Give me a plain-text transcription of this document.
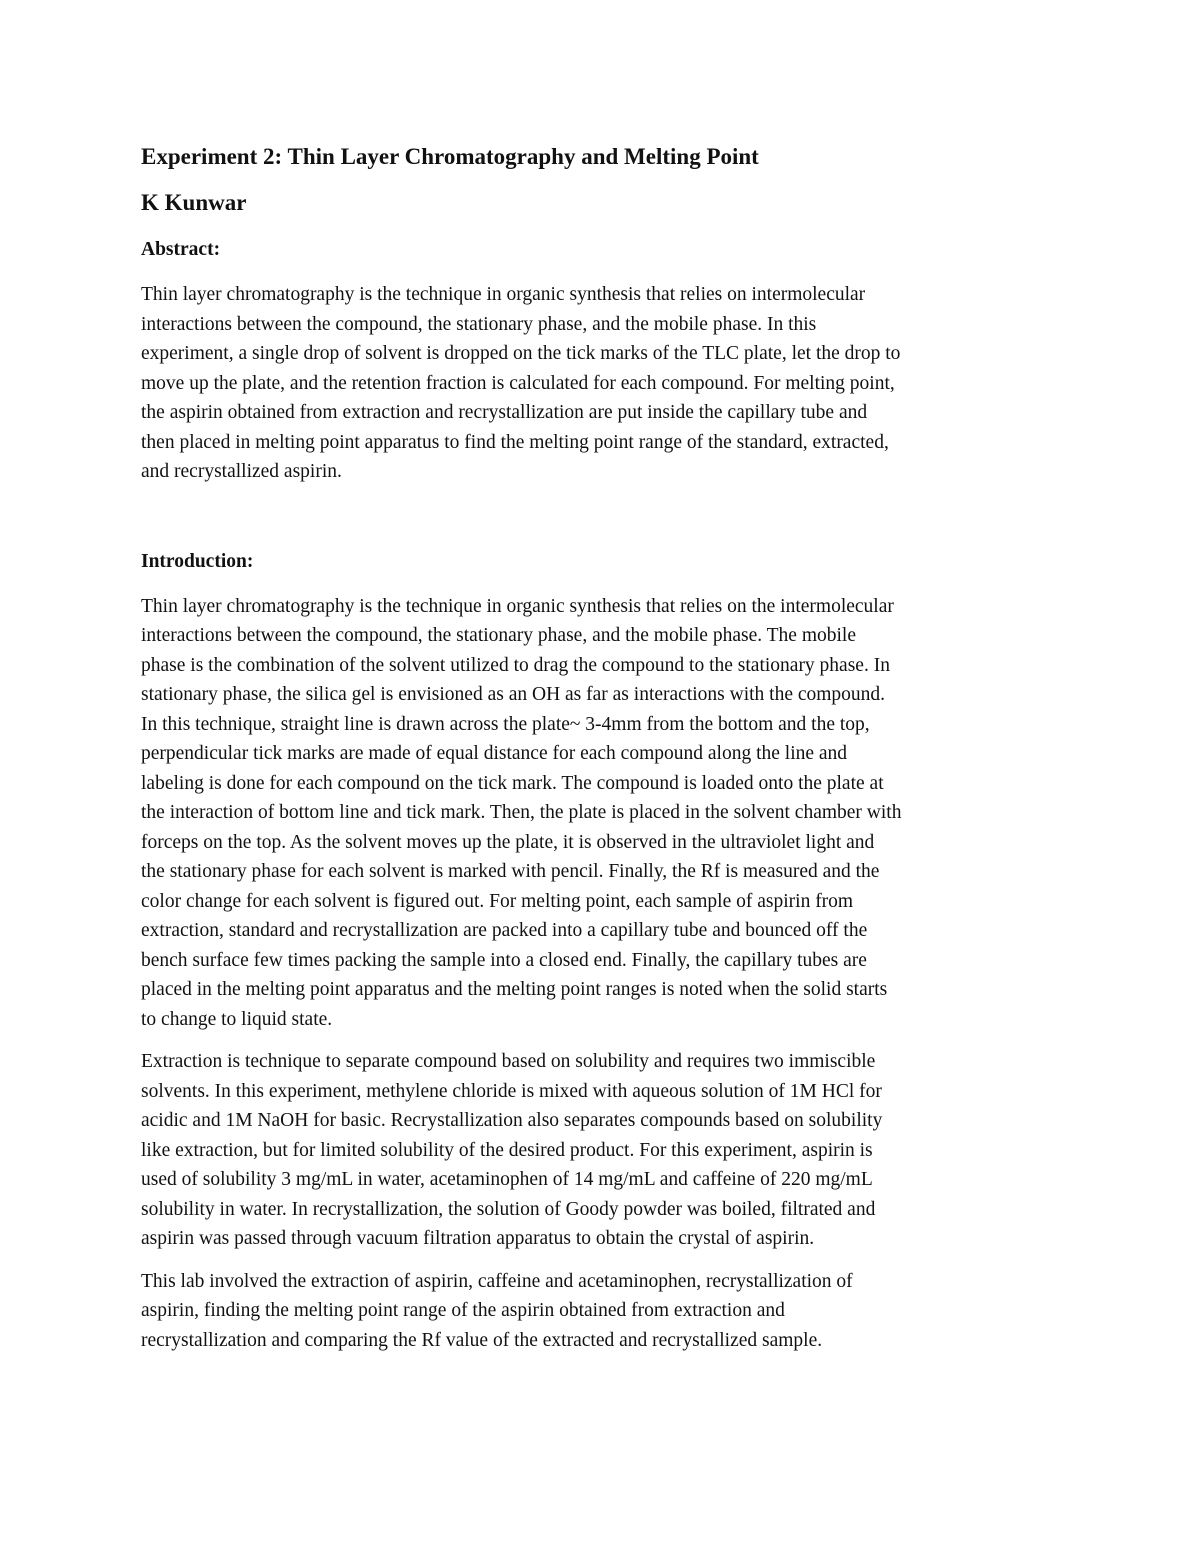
Experiment 2: Thin Layer Chromatography and Melting Point
K Kunwar
Abstract:
Thin layer chromatography is the technique in organic synthesis that relies on intermolecular
interactions between the compound, the stationary phase, and the mobile phase. In this
experiment, a single drop of solvent is dropped on the tick marks of the TLC plate, let the drop to
move up the plate, and the retention fraction is calculated for each compound. For melting point,
the aspirin obtained from extraction and recrystallization are put inside the capillary tube and
then placed in melting point apparatus to find the melting point range of the standard, extracted,
and recrystallized aspirin.
Introduction:
Thin layer chromatography is the technique in organic synthesis that relies on the intermolecular
interactions between the compound, the stationary phase, and the mobile phase. The mobile
phase is the combination of the solvent utilized to drag the compound to the stationary phase. In
stationary phase, the silica gel is envisioned as an OH as far as interactions with the compound.
In this technique, straight line is drawn across the plate~ 3-4mm from the bottom and the top,
perpendicular tick marks are made of equal distance for each compound along the line and
labeling is done for each compound on the tick mark. The compound is loaded onto the plate at
the interaction of bottom line and tick mark. Then, the plate is placed in the solvent chamber with
forceps on the top. As the solvent moves up the plate, it is observed in the ultraviolet light and
the stationary phase for each solvent is marked with pencil. Finally, the Rf is measured and the
color change for each solvent is figured out. For melting point, each sample of aspirin from
extraction, standard and recrystallization are packed into a capillary tube and bounced off the
bench surface few times packing the sample into a closed end. Finally, the capillary tubes are
placed in the melting point apparatus and the melting point ranges is noted when the solid starts
to change to liquid state.
Extraction is technique to separate compound based on solubility and requires two immiscible
solvents. In this experiment, methylene chloride is mixed with aqueous solution of 1M HCl for
acidic and 1M NaOH for basic. Recrystallization also separates compounds based on solubility
like extraction, but for limited solubility of the desired product. For this experiment, aspirin is
used of solubility 3 mg/mL in water, acetaminophen of 14 mg/mL and caffeine of 220 mg/mL
solubility in water. In recrystallization, the solution of Goody powder was boiled, filtrated and
aspirin was passed through vacuum filtration apparatus to obtain the crystal of aspirin.
This lab involved the extraction of aspirin, caffeine and acetaminophen, recrystallization of
aspirin, finding the melting point range of the aspirin obtained from extraction and
recrystallization and comparing the Rf value of the extracted and recrystallized sample.
